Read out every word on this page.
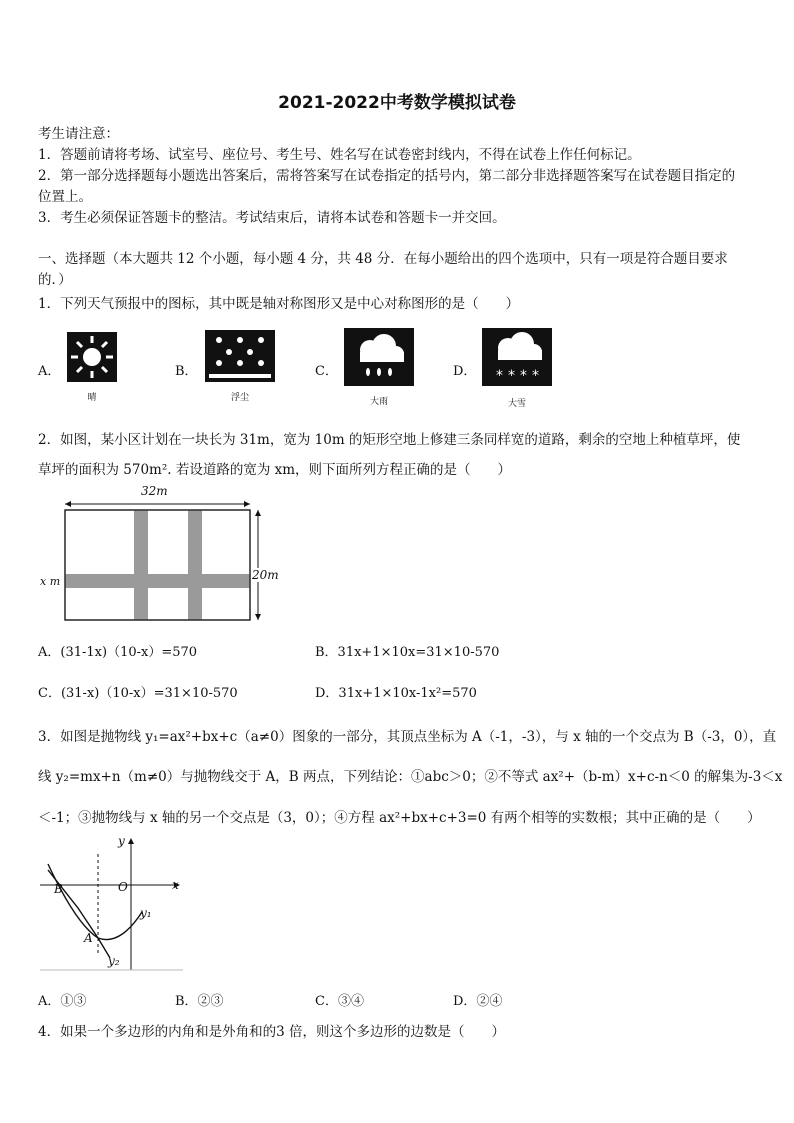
2021-2022中考数学模拟试卷
考生请注意：
1．答题前请将考场、试室号、座位号、考生号、姓名写在试卷密封线内，不得在试卷上作任何标记。
2．第一部分选择题每小题选出答案后，需将答案写在试卷指定的括号内，第二部分非选择题答案写在试卷题目指定的
位置上。
3．考生必须保证答题卡的整洁。考试结束后，请将本试卷和答题卡一并交回。
一、选择题（本大题共 12 个小题，每小题 4 分，共 48 分．在每小题给出的四个选项中，只有一项是符合题目要求
的．）
1．下列天气预报中的图标，其中既是轴对称图形又是中心对称图形的是（　　）
A．
晴
B．
浮尘
C．
大雨
D． * * * *
大雪
2．如图，某小区计划在一块长为 31m，宽为 10m 的矩形空地上修建三条同样宽的道路，剩余的空地上种植草坪，使
草坪的面积为 570m². 若设道路的宽为 xm，则下面所列方程正确的是（　　）
32m
20m
x m
A．(31-1x)（10-x）=570	B．31x+1×10x=31×10-570
C．(31-x)（10-x）=31×10-570	D．31x+1×10x-1x²=570
3．如图是抛物线 y₁=ax²+bx+c（a≠0）图象的一部分，其顶点坐标为 A（-1，-3），与 x 轴的一个交点为 B（-3，0），直
线 y₂=mx+n（m≠0）与抛物线交于 A，B 两点，下列结论：①abc＞0；②不等式 ax²+（b-m）x+c-n＜0 的解集为-3＜x
＜-1；③抛物线与 x 轴的另一个交点是（3，0）；④方程 ax²+bx+c+3=0 有两个相等的实数根；其中正确的是（　　）
y
x
O
B
A
y₁
y₂
A．①③	B．②③	C．③④	D．②④
4．如果一个多边形的内角和是外角和的3 倍，则这个多边形的边数是（　　）
